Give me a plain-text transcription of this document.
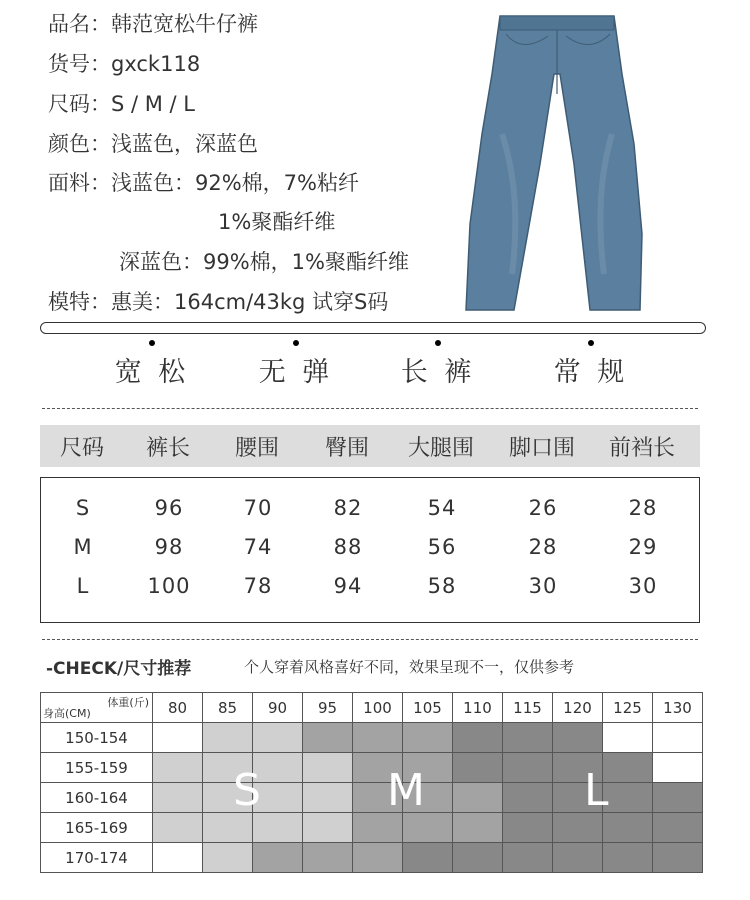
品名：韩范宽松牛仔裤
货号：gxck118
尺码：S / M / L
颜色：浅蓝色，深蓝色
面料：浅蓝色：92%棉，7%粘纤
1%聚酯纤维
深蓝色：99%棉，1%聚酯纤维
模特：惠美：164cm/43kg 试穿S码
宽 松	无 弹	长 裤	常 规
尺码	裤长	腰围	臀围	大腿围	脚口围	前裆长
S	96	70	82	54	26	28
M	98	74	88	56	28	29
L	100	78	94	58	30	30
-CHECK/尺寸推荐	个人穿着风格喜好不同，效果呈现不一，仅供参考
体重(斤)
身高(CM)	80	85	90	95	100	105	110	115	120	125	130
150-154											
155-159											
160-164											
165-169											
170-174											
S	M	L
